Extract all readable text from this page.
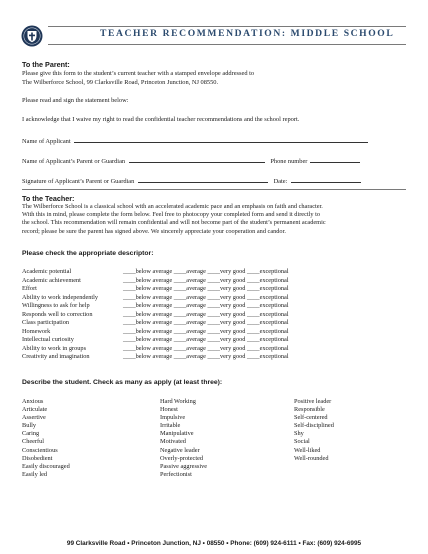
TEACHER RECOMMENDATION: MIDDLE SCHOOL
To the Parent:
Please give this form to the student’s current teacher with a stamped envelope addressed to
The Wilberforce School, 99 Clarksville Road, Princeton Junction, NJ 08550.
Please read and sign the statement below:
I acknowledge that I waive my right to read the confidential teacher recommendations and the school report.
Name of Applicant
Name of Applicant’s Parent or Guardian	Phone number
Signature of Applicant’s Parent or Guardian	Date:
To the Teacher:
The Wilberforce School is a classical school with an accelerated academic pace and an emphasis on faith and character.
With this in mind, please complete the form below. Feel free to photocopy your completed form and send it directly to
the school. This recommendation will remain confidential and will not become part of the student’s permanent academic
record; please be sure the parent has signed above. We sincerely appreciate your cooperation and candor.
Please check the appropriate descriptor:
Academic potential	____below average ____average ____very good ____exceptional
Academic achievement	____below average ____average ____very good ____exceptional
Effort	____below average ____average ____very good ____exceptional
Ability to work independently	____below average ____average ____very good ____exceptional
Willingness to ask for help	____below average ____average ____very good ____exceptional
Responds well to correction	____below average ____average ____very good ____exceptional
Class participation	____below average ____average ____very good ____exceptional
Homework	____below average ____average ____very good ____exceptional
Intellectual curiosity	____below average ____average ____very good ____exceptional
Ability to work in groups	____below average ____average ____very good ____exceptional
Creativity and imagination	____below average ____average ____very good ____exceptional
Describe the student. Check as many as apply (at least three):
Anxious
Articulate
Assertive
Bully
Caring
Cheerful
Conscientious
Disobedient
Easily discouraged
Easily led
Hard Working
Honest
Impulsive
Irritable
Manipulative
Motivated
Negative leader
Overly-protected
Passive aggressive
Perfectionist
Positive leader
Responsible
Self-centered
Self-disciplined
Shy
Social
Well-liked
Well-rounded
99 Clarksville Road • Princeton Junction, NJ • 08550 • Phone: (609) 924-6111 • Fax: (609) 924-6995
